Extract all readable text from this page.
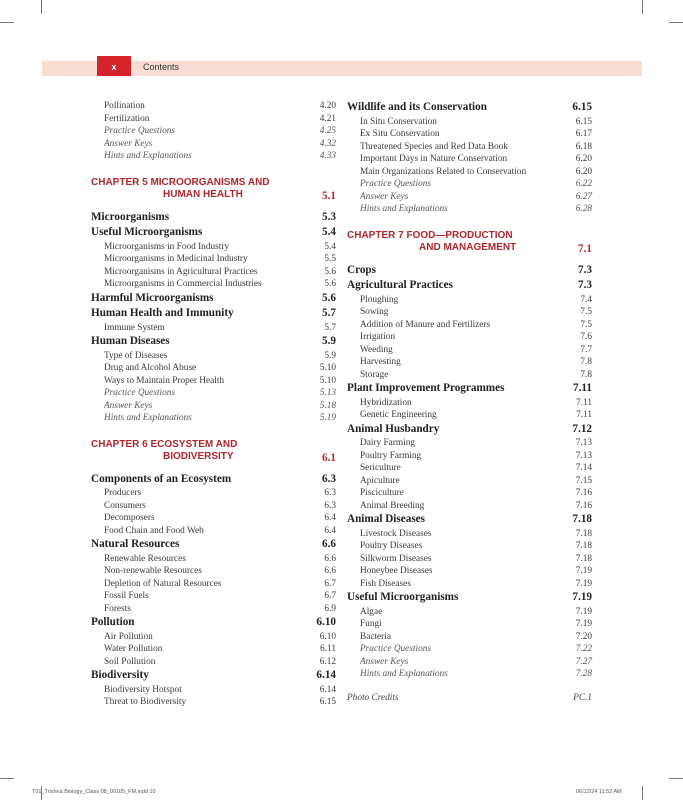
x	Contents
Pollination	4.20
Fertilization	4.21
Practice Questions	4.25
Answer Keys	4.32
Hints and Explanations	4.33
CHAPTER 5 MICROORGANISMS AND
HUMAN HEALTH	5.1
Microorganisms	5.3
Useful Microorganisms	5.4
Microorganisms in Food Industry	5.4
Microorganisms in Medicinal Industry	5.5
Microorganisms in Agricultural Practices	5.6
Microorganisms in Commercial Industries	5.6
Harmful Microorganisms	5.6
Human Health and Immunity	5.7
Immune System	5.7
Human Diseases	5.9
Type of Diseases	5.9
Drug and Alcohol Abuse	5.10
Ways to Maintain Proper Health	5.10
Practice Questions	5.13
Answer Keys	5.18
Hints and Explanations	5.19
CHAPTER 6 ECOSYSTEM AND
BIODIVERSITY	6.1
Components of an Ecosystem	6.3
Producers	6.3
Consumers	6.3
Decomposers	6.4
Food Chain and Food Web	6.4
Natural Resources	6.6
Renewable Resources	6.6
Non-renewable Resources	6.6
Depletion of Natural Resources	6.7
Fossil Fuels	6.7
Forests	6.9
Pollution	6.10
Air Pollution	6.10
Water Pollution	6.11
Soil Pollution	6.12
Biodiversity	6.14
Biodiversity Hotspot	6.14
Threat to Biodiversity	6.15
Wildlife and its Conservation	6.15
In Situ Conservation	6.15
Ex Situ Conservation	6.17
Threatened Species and Red Data Book	6.18
Important Days in Nature Conservation	6.20
Main Organizations Related to Conservation	6.20
Practice Questions	6.22
Answer Keys	6.27
Hints and Explanations	6.28
CHAPTER 7 FOOD—PRODUCTION
AND MANAGEMENT	7.1
Crops	7.3
Agricultural Practices	7.3
Ploughing	7.4
Sowing	7.5
Addition of Manure and Fertilizers	7.5
Irrigation	7.6
Weeding	7.7
Harvesting	7.8
Storage	7.8
Plant Improvement Programmes	7.11
Hybridization	7.11
Genetic Engineering	7.11
Animal Husbandry	7.12
Dairy Farming	7.13
Poultry Farming	7.13
Sericulture	7.14
Apiculture	7.15
Pisciculture	7.16
Animal Breeding	7.16
Animal Diseases	7.18
Livestock Diseases	7.18
Poultry Diseases	7.18
Silkworm Diseases	7.18
Honeybee Diseases	7.19
Fish Diseases	7.19
Useful Microorganisms	7.19
Algae	7.19
Fungi	7.19
Bacteria	7.20
Practice Questions	7.22
Answer Keys	7.27
Hints and Explanations	7.28
Photo Credits	PC.1
T01_Trishna Biology_Class 08_00105_FM.indd 10	06/12/24 11:52 AM
